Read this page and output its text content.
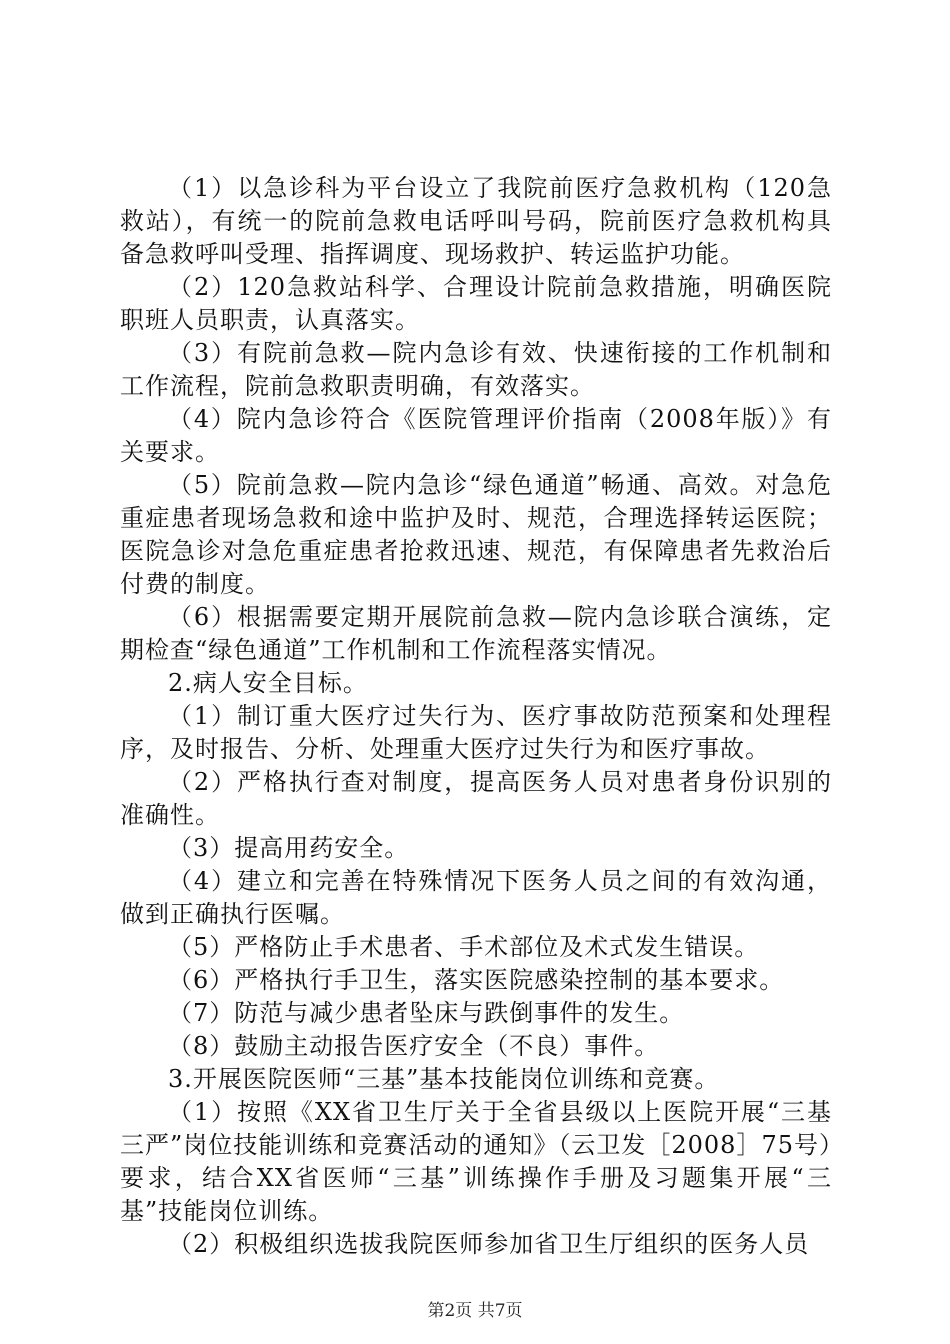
（1）以急诊科为平台设立了我院前医疗急救机构（120急救站），有统一的院前急救电话呼叫号码，院前医疗急救机构具备急救呼叫受理、指挥调度、现场救护、转运监护功能。

（2）120急救站科学、合理设计院前急救措施，明确医院职班人员职责，认真落实。

（3）有院前急救—院内急诊有效、快速衔接的工作机制和工作流程，院前急救职责明确，有效落实。

（4）院内急诊符合《医院管理评价指南（2008年版）》有关要求。

（5）院前急救—院内急诊“绿色通道”畅通、高效。对急危重症患者现场急救和途中监护及时、规范，合理选择转运医院；医院急诊对急危重症患者抢救迅速、规范，有保障患者先救治后付费的制度。

（6）根据需要定期开展院前急救—院内急诊联合演练，定期检查“绿色通道”工作机制和工作流程落实情况。

2.病人安全目标。

（1）制订重大医疗过失行为、医疗事故防范预案和处理程序，及时报告、分析、处理重大医疗过失行为和医疗事故。

（2）严格执行查对制度，提高医务人员对患者身份识别的准确性。

（3）提高用药安全。

（4）建立和完善在特殊情况下医务人员之间的有效沟通，做到正确执行医嘱。

（5）严格防止手术患者、手术部位及术式发生错误。

（6）严格执行手卫生，落实医院感染控制的基本要求。

（7）防范与减少患者坠床与跌倒事件的发生。

（8）鼓励主动报告医疗安全（不良）事件。

3.开展医院医师“三基”基本技能岗位训练和竞赛。

（1）按照《XX省卫生厅关于全省县级以上医院开展“三基三严”岗位技能训练和竞赛活动的通知》（云卫发［2008］75号）要求，结合XX省医师“三基”训练操作手册及习题集开展“三基”技能岗位训练。

（2）积极组织选拔我院医师参加省卫生厅组织的医务人员

第2页 共7页
